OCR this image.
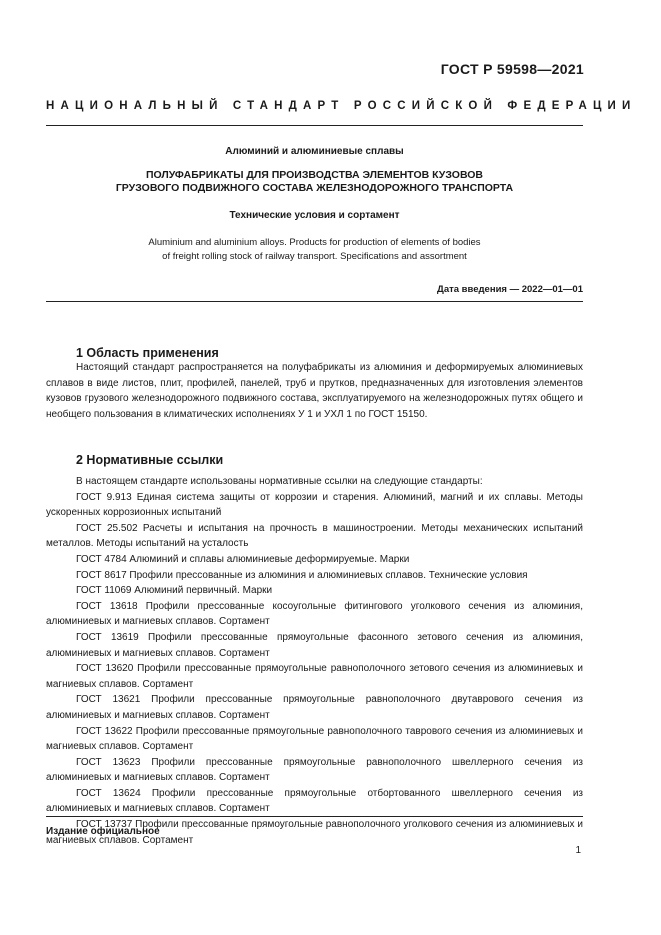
ГОСТ Р 59598—2021
НАЦИОНАЛЬНЫЙ СТАНДАРТ РОССИЙСКОЙ ФЕДЕРАЦИИ
Алюминий и алюминиевые сплавы
ПОЛУФАБРИКАТЫ ДЛЯ ПРОИЗВОДСТВА ЭЛЕМЕНТОВ КУЗОВОВ
ГРУЗОВОГО ПОДВИЖНОГО СОСТАВА ЖЕЛЕЗНОДОРОЖНОГО ТРАНСПОРТА
Технические условия и сортамент
Aluminium and aluminium alloys. Products for production of elements of bodies
of freight rolling stock of railway transport. Specifications and assortment
Дата введения — 2022—01—01
1 Область применения

Настоящий стандарт распространяется на полуфабрикаты из алюминия и деформируемых алюминиевых сплавов в виде листов, плит, профилей, панелей, труб и прутков, предназначенных для изготовления элементов кузовов грузового железнодорожного подвижного состава, эксплуатируемого на железнодорожных путях общего и необщего пользования в климатических исполнениях У 1 и УХЛ 1 по ГОСТ 15150.

2 Нормативные ссылки

В настоящем стандарте использованы нормативные ссылки на следующие стандарты:

ГОСТ 9.913 Единая система защиты от коррозии и старения. Алюминий, магний и их сплавы. Методы ускоренных коррозионных испытаний

ГОСТ 25.502 Расчеты и испытания на прочность в машиностроении. Методы механических испытаний металлов. Методы испытаний на усталость

ГОСТ 4784 Алюминий и сплавы алюминиевые деформируемые. Марки

ГОСТ 8617 Профили прессованные из алюминия и алюминиевых сплавов. Технические условия

ГОСТ 11069 Алюминий первичный. Марки

ГОСТ 13618 Профили прессованные косоугольные фитингового уголкового сечения из алюминия, алюминиевых и магниевых сплавов. Сортамент

ГОСТ 13619 Профили прессованные прямоугольные фасонного зетового сечения из алюминия, алюминиевых и магниевых сплавов. Сортамент

ГОСТ 13620 Профили прессованные прямоугольные равнополочного зетового сечения из алюминиевых и магниевых сплавов. Сортамент

ГОСТ 13621 Профили прессованные прямоугольные равнополочного двутаврового сечения из алюминиевых и магниевых сплавов. Сортамент

ГОСТ 13622 Профили прессованные прямоугольные равнополочного таврового сечения из алюминиевых и магниевых сплавов. Сортамент

ГОСТ 13623 Профили прессованные прямоугольные равнополочного швеллерного сечения из алюминиевых и магниевых сплавов. Сортамент

ГОСТ 13624 Профили прессованные прямоугольные отбортованного швеллерного сечения из алюминиевых и магниевых сплавов. Сортамент

ГОСТ 13737 Профили прессованные прямоугольные равнополочного уголкового сечения из алюминиевых и магниевых сплавов. Сортамент

Издание официальное
1
